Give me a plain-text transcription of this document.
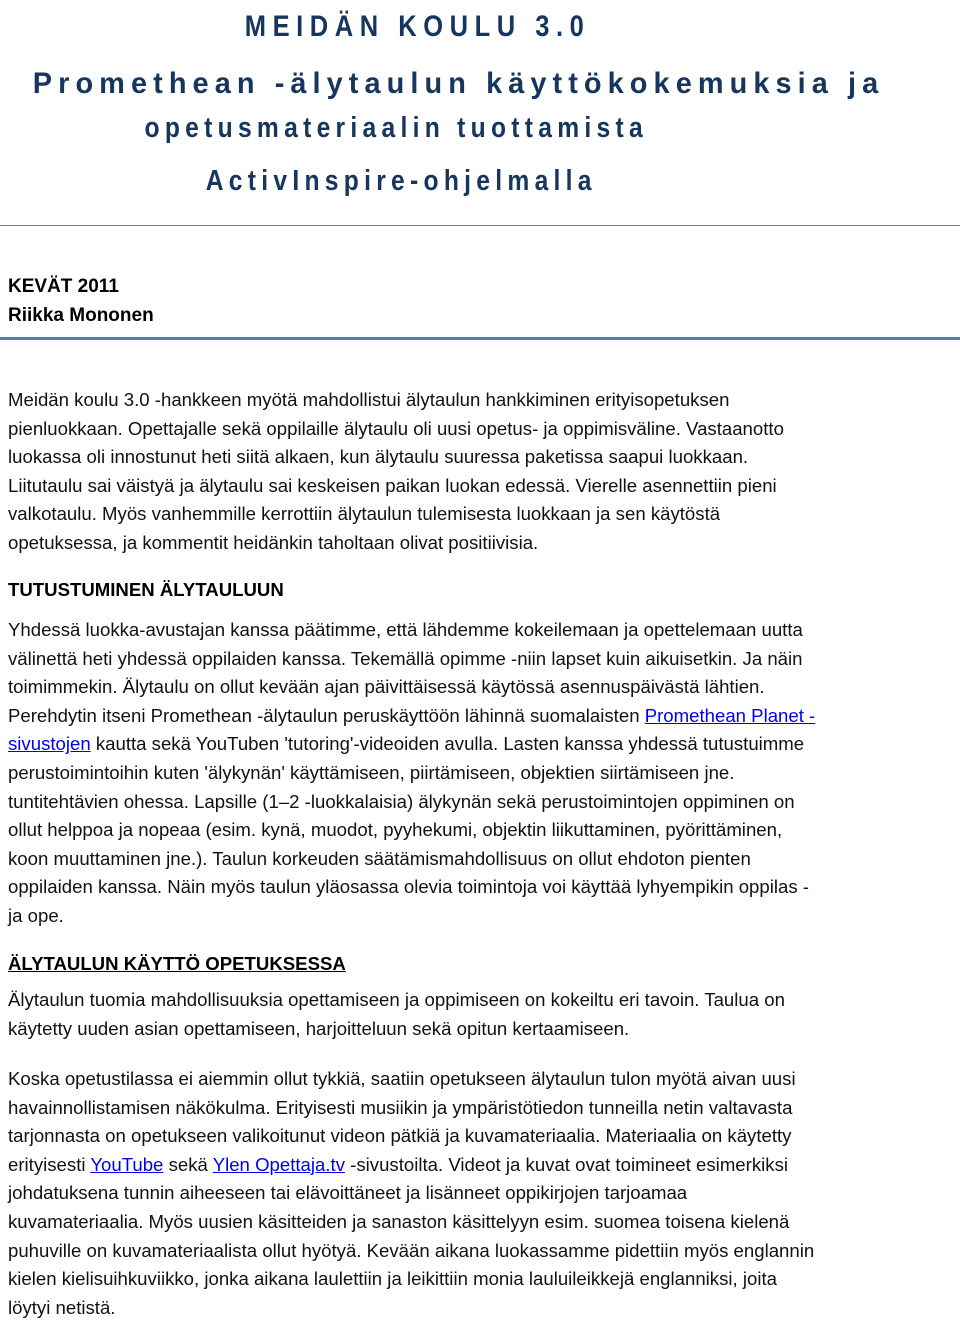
MEIDÄN KOULU 3.0
Promethean -älytaulun käyttökokemuksia ja
opetusmateriaalin tuottamista
ActivInspire-ohjelmalla
KEVÄT 2011
Riikka Mononen

Meidän koulu 3.0 -hankkeen myötä mahdollistui älytaulun hankkiminen erityisopetuksen

pienluokkaan. Opettajalle sekä oppilaille älytaulu oli uusi opetus- ja oppimisväline. Vastaanotto

luokassa oli innostunut heti siitä alkaen, kun älytaulu suuressa paketissa saapui luokkaan.

Liitutaulu sai väistyä ja älytaulu sai keskeisen paikan luokan edessä. Vierelle asennettiin pieni

valkotaulu. Myös vanhemmille kerrottiin älytaulun tulemisesta luokkaan ja sen käytöstä

opetuksessa, ja kommentit heidänkin taholtaan olivat positiivisia.

TUTUSTUMINEN ÄLYTAULUUN

Yhdessä luokka-avustajan kanssa päätimme, että lähdemme kokeilemaan ja opettelemaan uutta

välinettä heti yhdessä oppilaiden kanssa. Tekemällä opimme -niin lapset kuin aikuisetkin. Ja näin

toimimmekin. Älytaulu on ollut kevään ajan päivittäisessä käytössä asennuspäivästä lähtien.

Perehdytin itseni Promethean -älytaulun peruskäyttöön lähinnä suomalaisten Promethean Planet -

sivustojen kautta sekä YouTuben 'tutoring'-videoiden avulla. Lasten kanssa yhdessä tutustuimme

perustoimintoihin kuten 'älykynän' käyttämiseen, piirtämiseen, objektien siirtämiseen jne.

tuntitehtävien ohessa. Lapsille (1–2 -luokkalaisia) älykynän sekä perustoimintojen oppiminen on

ollut helppoa ja nopeaa (esim. kynä, muodot, pyyhekumi, objektin liikuttaminen, pyörittäminen,

koon muuttaminen jne.). Taulun korkeuden säätämismahdollisuus on ollut ehdoton pienten

oppilaiden kanssa. Näin myös taulun yläosassa olevia toimintoja voi käyttää lyhyempikin oppilas -

ja ope.

ÄLYTAULUN KÄYTTÖ OPETUKSESSA

Älytaulun tuomia mahdollisuuksia opettamiseen ja oppimiseen on kokeiltu eri tavoin. Taulua on

käytetty uuden asian opettamiseen, harjoitteluun sekä opitun kertaamiseen.

Koska opetustilassa ei aiemmin ollut tykkiä, saatiin opetukseen älytaulun tulon myötä aivan uusi

havainnollistamisen näkökulma. Erityisesti musiikin ja ympäristötiedon tunneilla netin valtavasta

tarjonnasta on opetukseen valikoitunut videon pätkiä ja kuvamateriaalia. Materiaalia on käytetty

erityisesti YouTube sekä Ylen Opettaja.tv -sivustoilta. Videot ja kuvat ovat toimineet esimerkiksi

johdatuksena tunnin aiheeseen tai elävoittäneet ja lisänneet oppikirjojen tarjoamaa

kuvamateriaalia. Myös uusien käsitteiden ja sanaston käsittelyyn esim. suomea toisena kielenä

puhuville on kuvamateriaalista ollut hyötyä. Kevään aikana luokassamme pidettiin myös englannin

kielen kielisuihkuviikko, jonka aikana laulettiin ja leikittiin monia lauluileikkejä englanniksi, joita

löytyi netistä.
